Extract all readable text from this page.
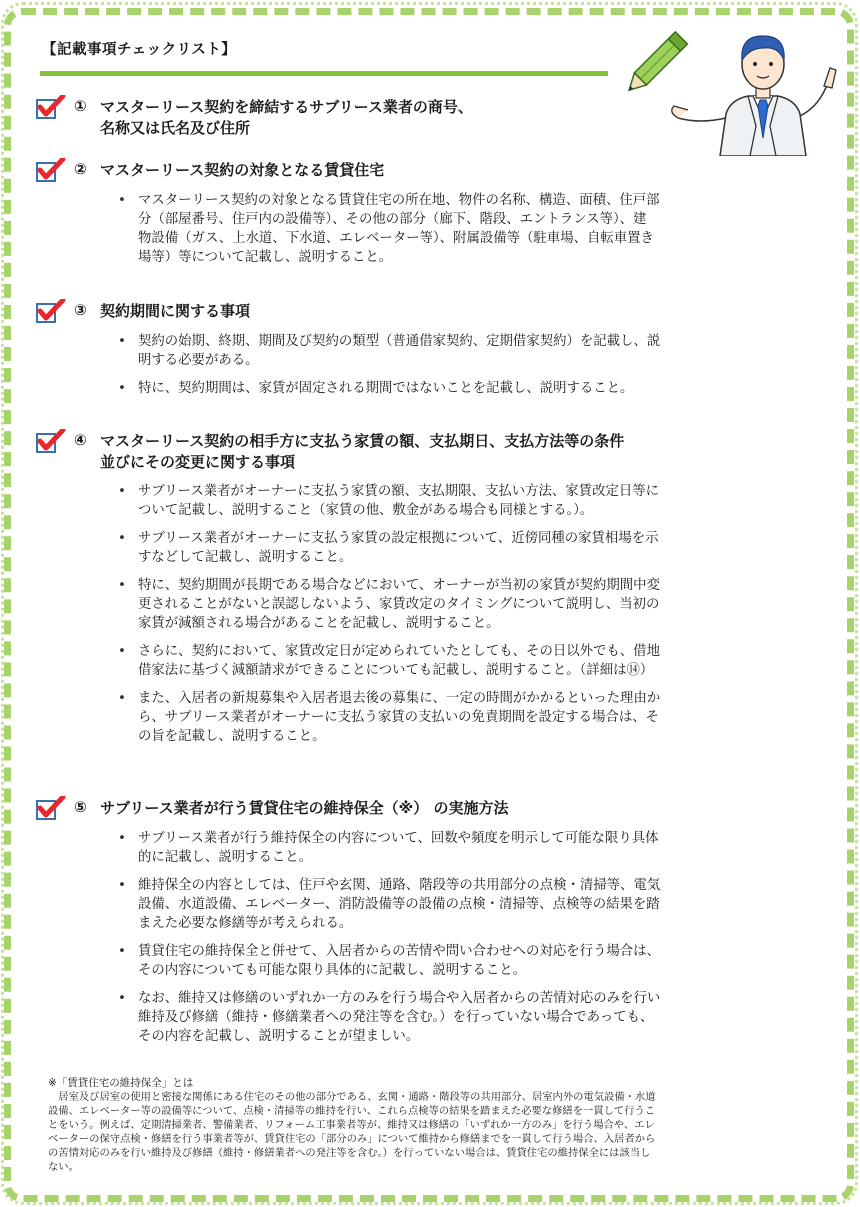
【記載事項チェックリスト】
① マスターリース契約を締結するサブリース業者の商号、
名称又は氏名及び住所
② マスターリース契約の対象となる賃貸住宅
• マスターリース契約の対象となる賃貸住宅の所在地、物件の名称、構造、面積、住戸部
分（部屋番号、住戸内の設備等）、その他の部分（廊下、階段、エントランス等）、建
物設備（ガス、上水道、下水道、エレベーター等）、附属設備等（駐車場、自転車置き
場等）等について記載し、説明すること。
③ 契約期間に関する事項
• 契約の始期、終期、期間及び契約の類型（普通借家契約、定期借家契約）を記載し、説
明する必要がある。
• 特に、契約期間は、家賃が固定される期間ではないことを記載し、説明すること。
④ マスターリース契約の相手方に支払う家賃の額、支払期日、支払方法等の条件
並びにその変更に関する事項
• サブリース業者がオーナーに支払う家賃の額、支払期限、支払い方法、家賃改定日等に
ついて記載し、説明すること（家賃の他、敷金がある場合も同様とする。）。
• サブリース業者がオーナーに支払う家賃の設定根拠について、近傍同種の家賃相場を示
すなどして記載し、説明すること。
• 特に、契約期間が長期である場合などにおいて、オーナーが当初の家賃が契約期間中変
更されることがないと誤認しないよう、家賃改定のタイミングについて説明し、当初の
家賃が減額される場合があることを記載し、説明すること。
• さらに、契約において、家賃改定日が定められていたとしても、その日以外でも、借地
借家法に基づく減額請求ができることについても記載し、説明すること。（詳細は⑭）
• また、入居者の新規募集や入居者退去後の募集に、一定の時間がかかるといった理由か
ら、サブリース業者がオーナーに支払う家賃の支払いの免責期間を設定する場合は、そ
の旨を記載し、説明すること。
⑤ サブリース業者が行う賃貸住宅の維持保全（※） の実施方法
• サブリース業者が行う維持保全の内容について、回数や頻度を明示して可能な限り具体
的に記載し、説明すること。
• 維持保全の内容としては、住戸や玄関、通路、階段等の共用部分の点検・清掃等、電気
設備、水道設備、エレベーター、消防設備等の設備の点検・清掃等、点検等の結果を踏
まえた必要な修繕等が考えられる。
• 賃貸住宅の維持保全と併せて、入居者からの苦情や問い合わせへの対応を行う場合は、
その内容についても可能な限り具体的に記載し、説明すること。
• なお、維持又は修繕のいずれか一方のみを行う場合や入居者からの苦情対応のみを行い
維持及び修繕（維持・修繕業者への発注等を含む。）を行っていない場合であっても、
その内容を記載し、説明することが望ましい。
※「賃貸住宅の維持保全」とは
　居室及び居室の使用と密接な関係にある住宅のその他の部分である、玄関・通路・階段等の共用部分、居室内外の電気設備・水道
設備、エレベーター等の設備等について、点検・清掃等の維持を行い、これら点検等の結果を踏まえた必要な修繕を一貫して行うこ
とをいう。例えば、定期清掃業者、警備業者、リフォーム工事業者等が、維持又は修繕の「いずれか一方のみ」を行う場合や、エレ
ベーターの保守点検・修繕を行う事業者等が、賃貸住宅の「部分のみ」について維持から修繕までを一貫して行う場合、入居者から
の苦情対応のみを行い維持及び修繕（維持・修繕業者への発注等を含む。）を行っていない場合は、賃貸住宅の維持保全には該当し
ない。
